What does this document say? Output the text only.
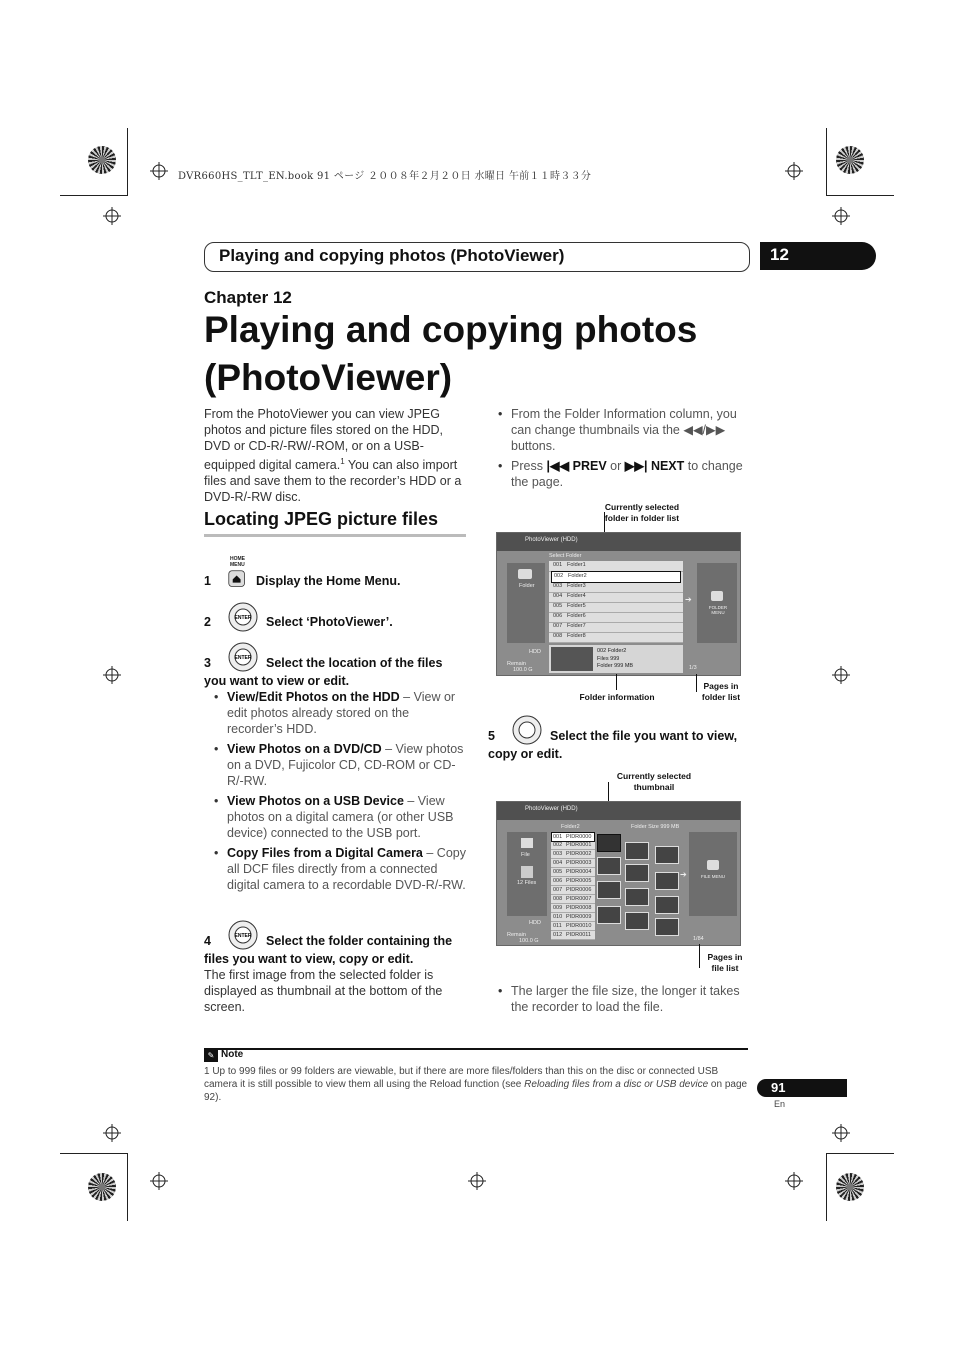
DVR660HS_TLT_EN.book 91 ページ ２００８年２月２０日 水曜日 午前１１時３３分
Playing and copying photos (PhotoViewer)	12
Chapter 12
Playing and copying photos
(PhotoViewer)
From the PhotoViewer you can view JPEG photos and picture files stored on the HDD, DVD or CD-R/-RW/-ROM, or on a USB-equipped digital camera.$^1$ You can also import files and save them to the recorder’s HDD or a DVD-R/-RW disc.
Locating JPEG picture files
HOME MENU
1	Display the Home Menu.
ENTER
2	Select ‘PhotoViewer’.
ENTER
3	Select the location of the files you want to view or edit.
• View/Edit Photos on the HDD – View or edit photos already stored on the recorder’s HDD.
• View Photos on a DVD/CD – View photos on a DVD, Fujicolor CD, CD-ROM or CD-R/-RW.
• View Photos on a USB Device – View photos on a digital camera (or other USB device) connected to the USB port.
• Copy Files from a Digital Camera – Copy all DCF files directly from a connected digital camera to a recordable DVD-R/-RW.
ENTER
4	Select the folder containing the files you want to view, copy or edit.
The first image from the selected folder is displayed as thumbnail at the bottom of the screen.
• From the Folder Information column, you can change thumbnails via the ◀◀/▶▶ buttons.
• Press |◀◀ PREV or ▶▶| NEXT to change the page.
Currently selected folder in folder list
PhotoViewer (HDD)
Select Folder
Folder
001 Folder1
002 Folder2
003 Folder3
004 Folder4
005 Folder5
006 Folder6
007 Folder7
008 Folder8
➔
FOLDER MENU
HDD
Remain
100.0 G
002 Folder2
Files 999
Folder 999 MB	1/3
Folder information
Pages in folder list
5	Select the file you want to view, copy or edit.
Currently selected thumbnail
PhotoViewer (HDD)
Folder2	Folder Size 999 MB
File
12 Files
001 PIDR0000
002 PIDR0001
003 PIDR0002
004 PIDR0003
005 PIDR0004
006 PIDR0005
007 PIDR0006
008 PIDR0007
009 PIDR0008
010 PIDR0009
011 PIDR0010
012 PIDR0011
➔	FILE MENU
HDD
Remain
100.0 G	1/84
Pages in file list
• The larger the file size, the longer it takes the recorder to load the file.
✎ Note
1 Up to 999 files or 99 folders are viewable, but if there are more files/folders than this on the disc or connected USB camera it is still possible to view them all using the Reload function (see Reloading files from a disc or USB device on page 92).
91
En
